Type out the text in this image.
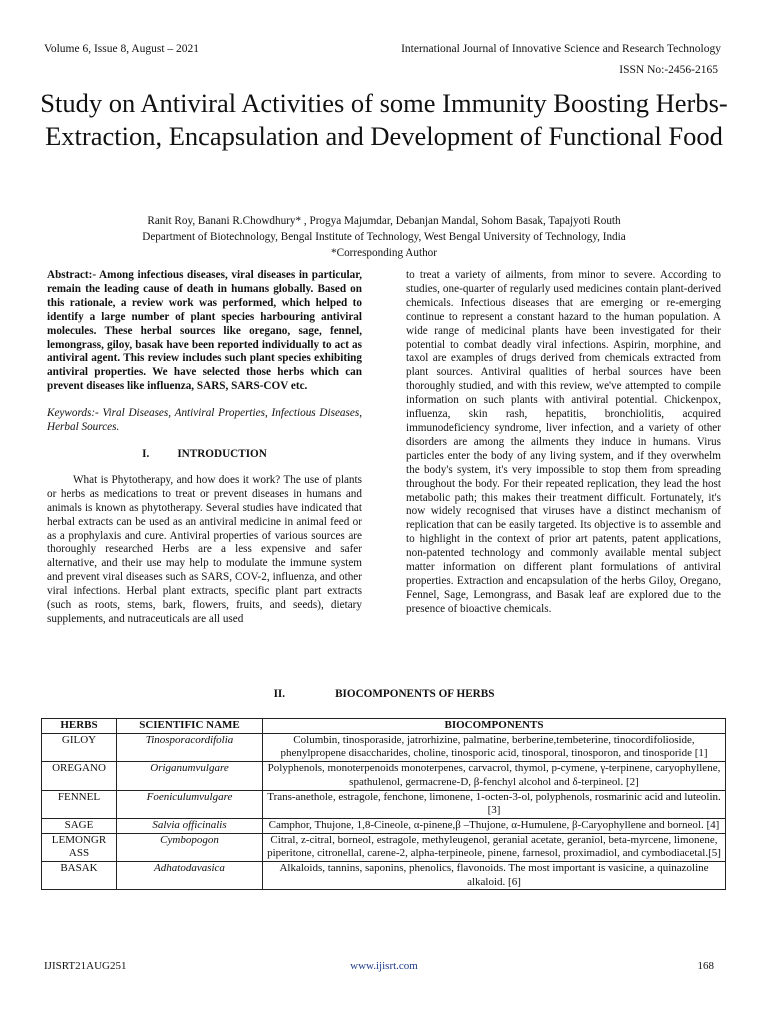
Volume 6, Issue 8, August – 2021	International Journal of Innovative Science and Research Technology
ISSN No:-2456-2165
Study on Antiviral Activities of some Immunity Boosting Herbs- Extraction, Encapsulation and Development of Functional Food
Ranit Roy, Banani R.Chowdhury* , Progya Majumdar, Debanjan Mandal, Sohom Basak, Tapajyoti Routh
Department of Biotechnology, Bengal Institute of Technology, West Bengal University of Technology, India
*Corresponding Author

Abstract:- Among infectious diseases, viral diseases in particular, remain the leading cause of death in humans globally. Based on this rationale, a review work was performed, which helped to identify a large number of plant species harbouring antiviral molecules. These herbal sources like oregano, sage, fennel, lemongrass, giloy, basak have been reported individually to act as antiviral agent. This review includes such plant species exhibiting antiviral properties. We have selected those herbs which can prevent diseases like influenza, SARS, SARS-COV etc.

Keywords:- Viral Diseases, Antiviral Properties, Infectious Diseases, Herbal Sources.

I.	INTRODUCTION

What is Phytotherapy, and how does it work? The use of plants or herbs as medications to treat or prevent diseases in humans and animals is known as phytotherapy. Several studies have indicated that herbal extracts can be used as an antiviral medicine in animal feed or as a prophylaxis and cure. Antiviral properties of various sources are thoroughly researched Herbs are a less expensive and safer alternative, and their use may help to modulate the immune system and prevent viral diseases such as SARS, COV-2, influenza, and other viral infections. Herbal plant extracts, specific plant part extracts (such as roots, stems, bark, flowers, fruits, and seeds), dietary supplements, and nutraceuticals are all used

to treat a variety of ailments, from minor to severe. According to studies, one-quarter of regularly used medicines contain plant-derived chemicals. Infectious diseases that are emerging or re-emerging continue to represent a constant hazard to the human population. A wide range of medicinal plants have been investigated for their potential to combat deadly viral infections. Aspirin, morphine, and taxol are examples of drugs derived from chemicals extracted from plant sources. Antiviral qualities of herbal sources have been thoroughly studied, and with this review, we've attempted to compile information on such plants with antiviral potential. Chickenpox, influenza, skin rash, hepatitis, bronchiolitis, acquired immunodeficiency syndrome, liver infection, and a variety of other disorders are among the ailments they induce in humans. Virus particles enter the body of any living system, and if they overwhelm the body's system, it's very impossible to stop them from spreading throughout the body. For their repeated replication, they lead the host metabolic path; this makes their treatment difficult. Fortunately, it's now widely recognised that viruses have a distinct mechanism of replication that can be easily targeted. Its objective is to assemble and to highlight in the context of prior art patents, patent applications, non-patented technology and commonly available mental subject matter information on different plant formulations of antiviral properties. Extraction and encapsulation of the herbs Giloy, Oregano, Fennel, Sage, Lemongrass, and Basak leaf are explored due to the presence of bioactive chemicals.

II.	BIOCOMPONENTS OF HERBS
HERBS	SCIENTIFIC NAME	BIOCOMPONENTS
GILOY	Tinosporacordifolia	Columbin, tinosporaside, jatrorhizine, palmatine, berberine,tembeterine, tinocordifolioside, phenylpropene disaccharides, choline, tinosporic acid, tinosporal, tinosporon, and tinosporide [1]
OREGANO	Origanumvulgare	Polyphenols, monoterpenoids monoterpenes, carvacrol, thymol, p-cymene, γ-terpinene, caryophyllene, spathulenol, germacrene-D, β-fenchyl alcohol and δ-terpineol. [2]
FENNEL	Foeniculumvulgare	Trans-anethole, estragole, fenchone, limonene, 1-octen-3-ol, polyphenols, rosmarinic acid and luteolin. [3]
SAGE	Salvia officinalis	Camphor, Thujone, 1,8-Cineole, α-pinene,β –Thujone, α-Humulene, β-Caryophyllene and borneol. [4]
LEMONGR ASS	Cymbopogon	Citral, z-citral, borneol, estragole, methyleugenol, geranial acetate, geraniol, beta-myrcene, limonene, piperitone, citronellal, carene-2, alpha-terpineole, pinene, farnesol, proximadiol, and cymbodiacetal.[5]
BASAK	Adhatodavasica	Alkaloids, tannins, saponins, phenolics, flavonoids. The most important is vasicine, a quinazoline alkaloid. [6]
IJISRT21AUG251	www.ijisrt.com	168
